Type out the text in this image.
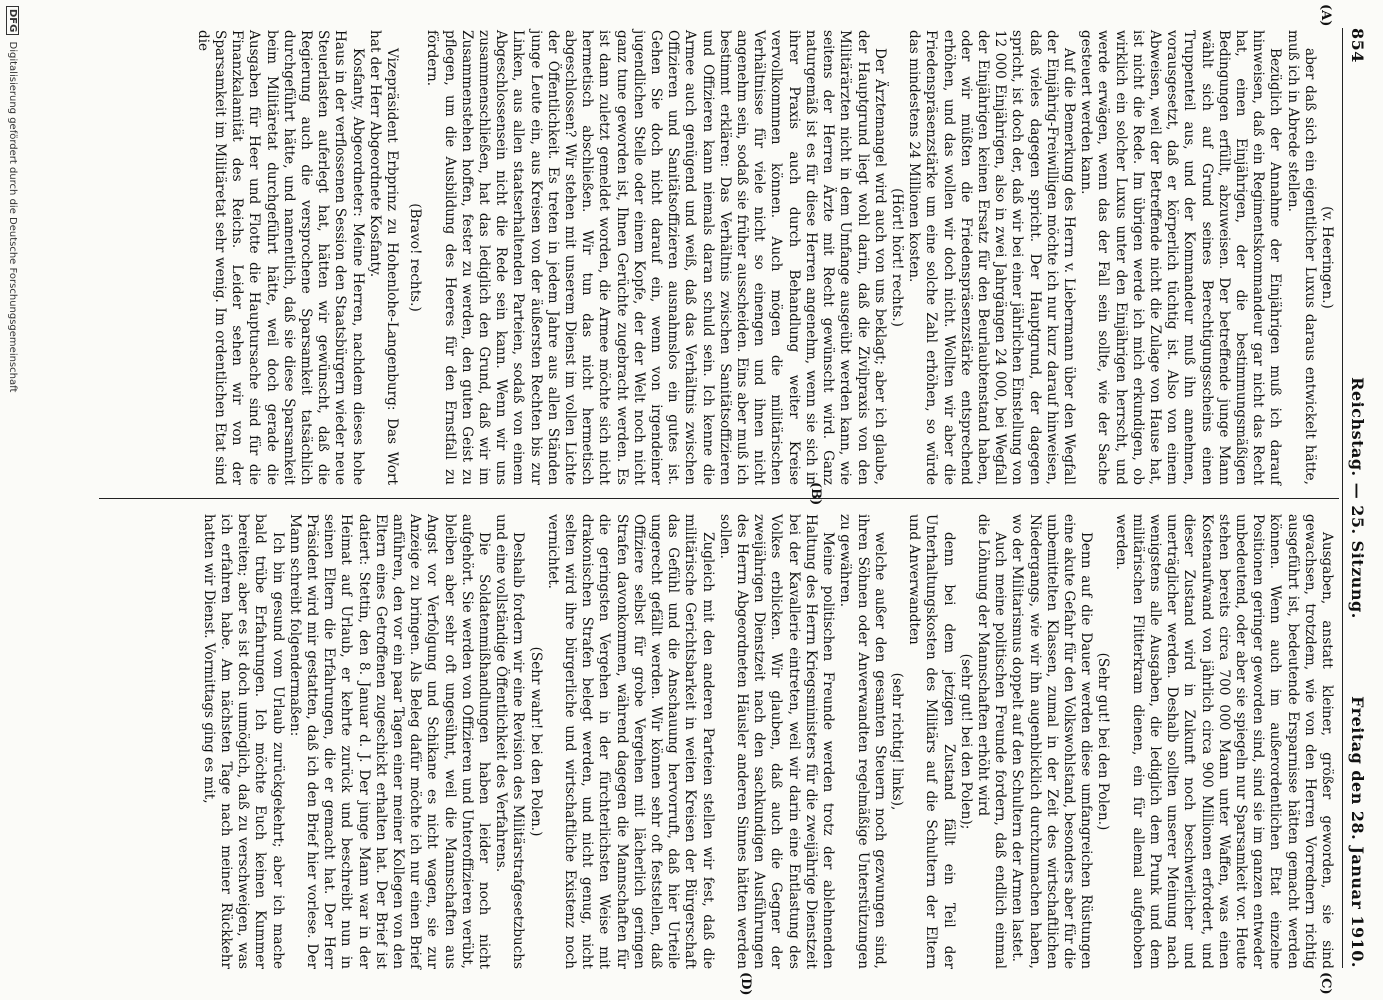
854
Reichstag. — 25. Sitzung.
Freitag den 28. Januar 1910.
(A)
(B)
(C)
(D)

(v. Heeringen.)

aber daß sich ein eigentlicher Luxus daraus entwickelt hätte, muß ich in Abrede stellen.

Bezüglich der Annahme der Einjährigen muß ich darauf hinweisen, daß ein Regimentskommandeur gar nicht das Recht hat, einen Einjährigen, der die bestimmungsmäßigen Bedingungen erfüllt, abzuweisen. Der betreffende junge Mann wählt sich auf Grund seines Berechtigungsscheins einen Truppenteil aus, und der Kommandeur muß ihn annehmen, vorausgesetzt, daß er körperlich tüchtig ist. Also von einem Abweisen, weil der Betreffende nicht die Zulage von Hause hat, ist nicht die Rede. Im übrigen werde ich mich erkundigen, ob wirklich ein solcher Luxus unter den Einjährigen herrscht, und werde erwägen, wenn das der Fall sein sollte, wie der Sache gesteuert werden kann.

Auf die Bemerkung des Herrn v. Liebermann über den Wegfall der Einjährig-Freiwilligen möchte ich nur kurz darauf hinweisen, daß vieles dagegen spricht. Der Hauptgrund, der dagegen spricht, ist doch der, daß wir bei einer jährlichen Einstellung von 12 000 Einjährigen, also in zwei Jahrgängen 24 000, bei Wegfall der Einjährigen keinen Ersatz für den Beurlaubtenstand haben, oder wir müßten die Friedenspräsenzstärke entsprechend erhöhen, und das wollen wir doch nicht. Wollten wir aber die Friedenspräsenzstärke um eine solche Zahl erhöhen, so würde das mindestens 24 Millionen kosten.

(Hört! hört! rechts.)

Der Ärztemangel wird auch von uns beklagt; aber ich glaube, der Hauptgrund liegt wohl darin, daß die Zivilpraxis von den Militärärzten nicht in dem Umfange ausgeübt werden kann, wie seitens der Herren Ärzte mit Recht gewünscht wird. Ganz naturgemäß ist es für diese Herren angenehm, wenn sie sich in ihrer Praxis auch durch Behandlung weiter Kreise vervollkommnen können. Auch mögen die militärischen Verhältnisse für viele nicht so einengen und ihnen nicht angenehm sein, sodaß sie früher ausscheiden. Eins aber muß ich bestimmt erklären: Das Verhältnis zwischen Sanitätsoffizieren und Offizieren kann niemals daran schuld sein. Ich kenne die Armee auch genügend und weiß, daß das Verhältnis zwischen Offizieren und Sanitätsoffizieren ausnahmslos ein gutes ist. Gehen Sie doch nicht darauf ein, wenn von irgendeiner jugendlichen Stelle oder einem Kopfe, der der Welt noch nicht ganz tune geworden ist, Ihnen Gerüchte zugebracht werden. Es ist dann zuletzt gemeldet worden, die Armee möchte sich nicht hermetisch abschließen. Wir tun das nicht hermetisch abgeschlossen? Wir stehen mit unserem Dienst im vollen Lichte der Öffentlichkeit. Es treten in jedem Jahre aus allen Ständen junge Leute ein, aus Kreisen von der äußersten Rechten bis zur Linken, aus allen staatserhaltenden Parteien, sodaß von einem Abgeschlossensein nicht die Rede sein kann. Wenn wir uns zusammenschließen, hat das lediglich den Grund, daß wir im Zusammenstehen hoffen, fester zu werden, den guten Geist zu pflegen, um die Ausbildung des Heeres für den Ernstfall zu fördern.

(Bravo! rechts.)

Vizepräsident Erbprinz zu Hohenlohe-Langenburg: Das Wort hat der Herr Abgeordnete Kosfanty.

Kosfanty, Abgeordneter: Meine Herren, nachdem dieses hohe Haus in der verflossenen Session den Staatsbürgern wieder neue Steuerlasten auferlegt hat, hätten wir gewünscht, daß die Regierung auch die versprochene Sparsamkeit tatsächlich durchgeführt hätte, und namentlich, daß sie diese Sparsamkeit beim Militäretat durchgeführt hätte, weil doch gerade die Ausgaben für Heer und Flotte die Hauptursache sind für die Finanzkalamität des Reichs. Leider sehen wir von der Sparsamkeit im Militäretat sehr wenig. Im ordentlichen Etat sind die

Ausgaben, anstatt kleiner, größer geworden, sie sind gewachsen, trotzdem, wie von den Herren Vorrednern richtig ausgeführt ist, bedeutende Ersparnisse hätten gemacht werden können. Wenn auch im außerordentlichen Etat einzelne Positionen geringer geworden sind, sind sie im ganzen entweder unbedeutend, oder aber sie spiegeln nur Sparsamkeit vor. Heute stehen bereits circa 700 000 Mann unter Waffen, was einen Kostenaufwand von jährlich circa 900 Millionen erfordert, und dieser Zustand wird in Zukunft noch beschwerlicher und unerträglicher werden. Deshalb sollten unserer Meinung nach wenigstens alle Ausgaben, die lediglich dem Prunk und dem militärischen Flitterkram dienen, ein für allemal aufgehoben werden.

(Sehr gut! bei den Polen.)

Denn auf die Dauer werden diese umfangreichen Rüstungen eine akute Gefahr für den Volkswohlstand, besonders aber für die unbemittelten Klassen, zumal in der Zeit des wirtschaftlichen Niedergangs, wie wir ihn augenblicklich durchzumachen haben, wo der Militarismus doppelt auf den Schultern der Armen lastet.

Auch meine politischen Freunde fordern, daß endlich einmal die Löhnung der Mannschaften erhöht wird

(sehr gut! bei den Polen);

denn bei dem jetzigen Zustand fällt ein Teil der Unterhaltungskosten des Militärs auf die Schultern der Eltern und Anverwandten

(sehr richtig! links),

welche außer den gesamten Steuern noch gezwungen sind, ihren Söhnen oder Anverwandten regelmäßige Unterstützungen zu gewähren.

Meine politischen Freunde werden trotz der ablehnenden Haltung des Herrn Kriegsministers für die zweijährige Dienstzeit bei der Kavallerie eintreten, weil wir darin eine Entlastung des Volkes erblicken. Wir glauben, daß auch die Gegner der zweijährigen Dienstzeit nach den sachkundigen Ausführungen des Herrn Abgeordneten Häusler anderen Sinnes hätten werden sollen.

Zugleich mit den anderen Parteien stellen wir fest, daß die militärische Gerichtsbarkeit in weiten Kreisen der Bürgerschaft das Gefühl und die Anschauung hervorruft, daß hier Urteile ungerecht gefällt werden. Wir können sehr oft feststellen, daß Offiziere selbst für grobe Vergehen mit lächerlich geringen Strafen davonkommen, während dagegen die Mannschaften für die geringsten Vergehen in der fürchterlichsten Weise mit drakonischen Strafen belegt werden, und nicht genug, nicht selten wird ihre bürgerliche und wirtschaftliche Existenz noch vernichtet.

(Sehr wahr! bei den Polen.)

Deshalb fordern wir eine Revision des Militärstrafgesetzbuchs und eine vollständige Öffentlichkeit des Verfahrens.

Die Soldatenmißhandlungen haben leider noch nicht aufgehört. Sie werden von Offizieren und Unteroffizieren verübt, bleiben aber sehr oft ungesühnt, weil die Mannschaften aus Angst vor Verfolgung und Schikane es nicht wagen, sie zur Anzeige zu bringen. Als Beleg dafür möchte ich nur einen Brief anführen, den vor ein paar Tagen einer meiner Kollegen von den Eltern eines Getroffenen zugeschickt erhalten hat. Der Brief ist datiert: Stettin, den 8. Januar d. J. Der junge Mann war in der Heimat auf Urlaub, er kehrte zurück und beschreibt nun in seinen Eltern die Erfahrungen, die er gemacht hat. Der Herr Präsident wird mir gestatten, daß ich den Brief hier vorlese. Der Mann schreibt folgendermaßen:

Ich bin gesund vom Urlaub zurückgekehrt; aber ich mache bald trübe Erfahrungen. Ich möchte Euch keinen Kummer bereiten; aber es ist doch unmöglich, daß zu verschweigen, was ich erfahren habe. Am nächsten Tage nach meiner Rückkehr hatten wir Dienst. Vormittags ging es mit,

DFG Digitalisierung gefördert durch die Deutsche Forschungsgemeinschaft
